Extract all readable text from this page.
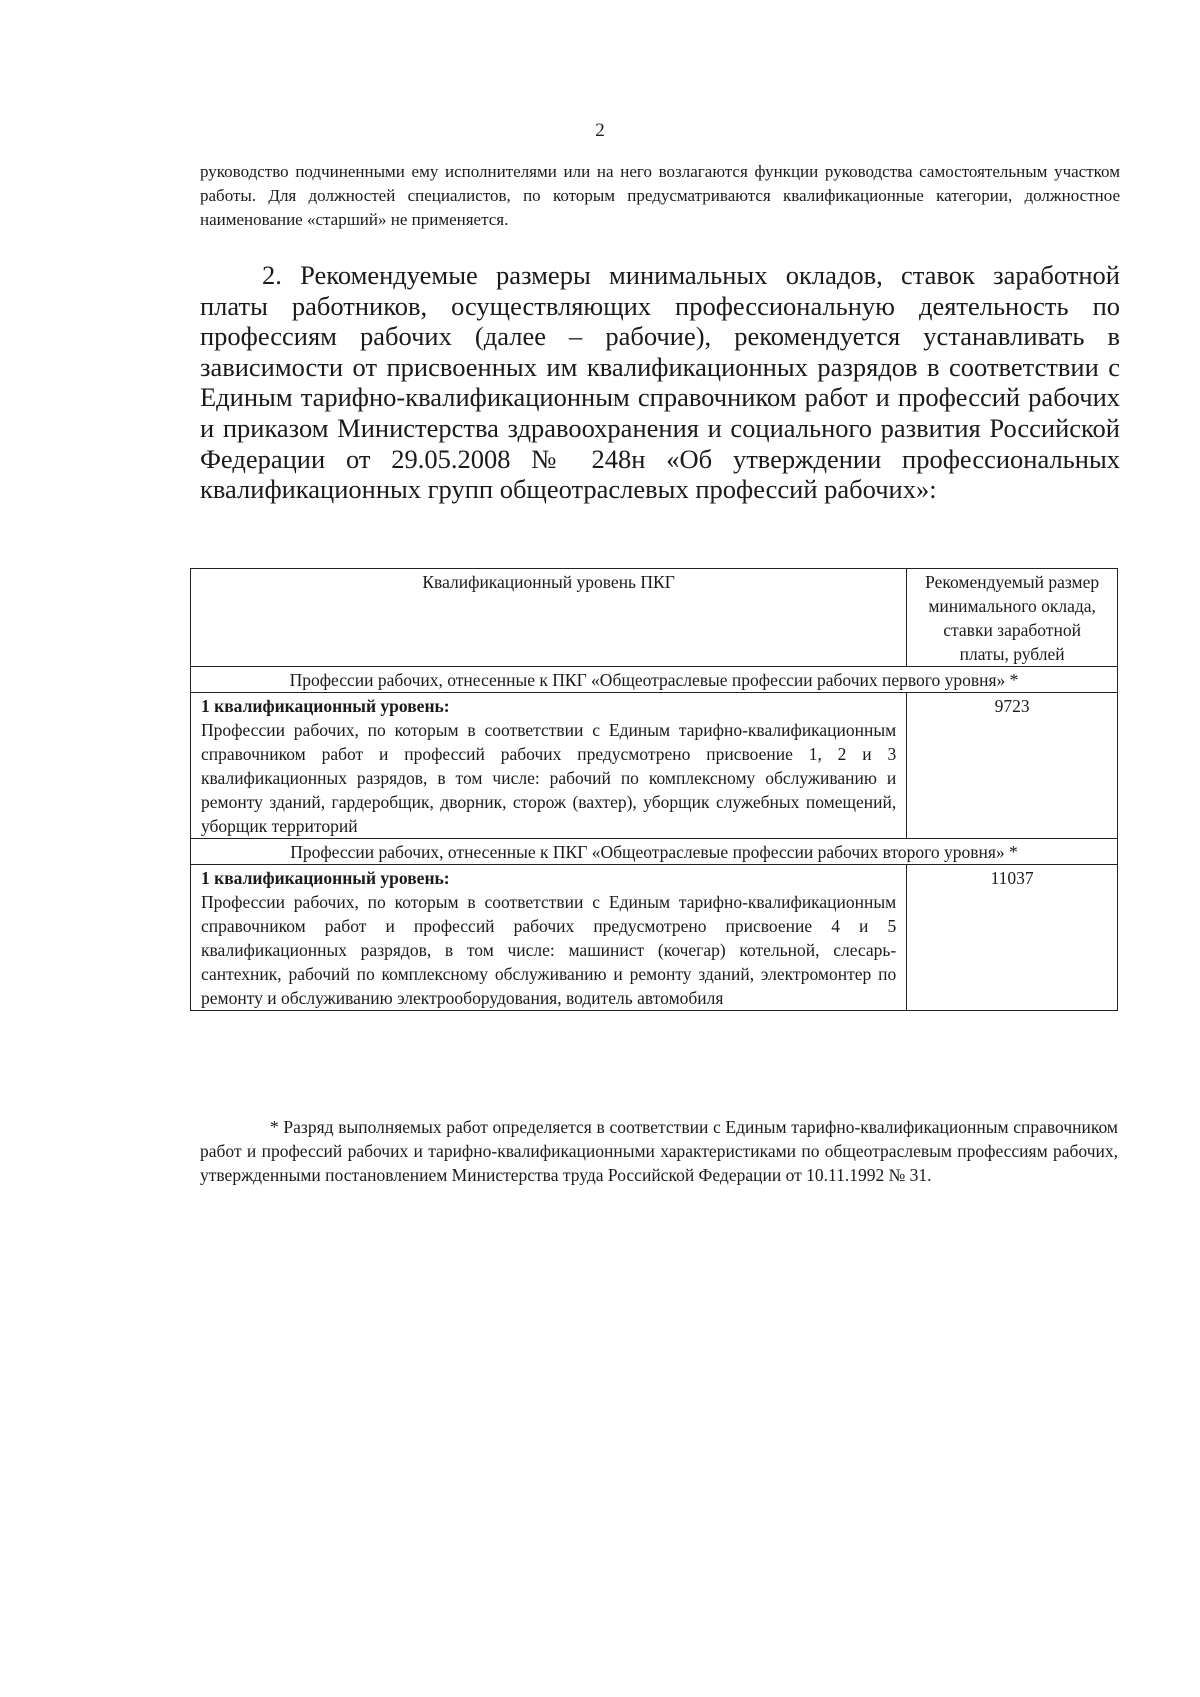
2

руководство подчиненными ему исполнителями или на него возлагаются функции руководства самостоятельным участком работы. Для должностей специалистов, по которым предусматриваются квалификационные категории, должностное наименование «старший» не применяется.

2. Рекомендуемые размеры минимальных окладов, ставок заработной платы работников, осуществляющих профессиональную деятельность по профессиям рабочих (далее – рабочие), рекомендуется устанавливать в зависимости от присвоенных им квалификационных разрядов в соответствии с Единым тарифно-квалификационным справочником работ и профессий рабочих и приказом Министерства здравоохранения и социального развития Российской Федерации от 29.05.2008 № 248н «Об утверждении профессиональных квалификационных групп общеотраслевых профессий рабочих»:

Квалификационный уровень ПКГ	Рекомендуемый размер минимального оклада, ставки заработной платы, рублей
Профессии рабочих, отнесенные к ПКГ «Общеотраслевые профессии рабочих первого уровня» *	

1 квалификационный уровень:
Профессии рабочих, по которым в соответствии с Единым тарифно-квалификационным справочником работ и профессий рабочих предусмотрено присвоение 1, 2 и 3 квалификационных разрядов, в том числе: рабочий по комплексному обслуживанию и ремонту зданий, гардеробщик, дворник, сторож (вахтер), уборщик служебных помещений, уборщик территорий	9723
Профессии рабочих, отнесенные к ПКГ «Общеотраслевые профессии рабочих второго уровня» *	

1 квалификационный уровень:
Профессии рабочих, по которым в соответствии с Единым тарифно-квалификационным справочником работ и профессий рабочих предусмотрено присвоение 4 и 5 квалификационных разрядов, в том числе: машинист (кочегар) котельной, слесарь-сантехник, рабочий по комплексному обслуживанию и ремонту зданий, электромонтер по ремонту и обслуживанию электрооборудования, водитель автомобиля	11037

* Разряд выполняемых работ определяется в соответствии с Единым тарифно-квалификационным справочником работ и профессий рабочих и тарифно-квалификационными характеристиками по общеотраслевым профессиям рабочих, утвержденными постановлением Министерства труда Российской Федерации от 10.11.1992 № 31.
